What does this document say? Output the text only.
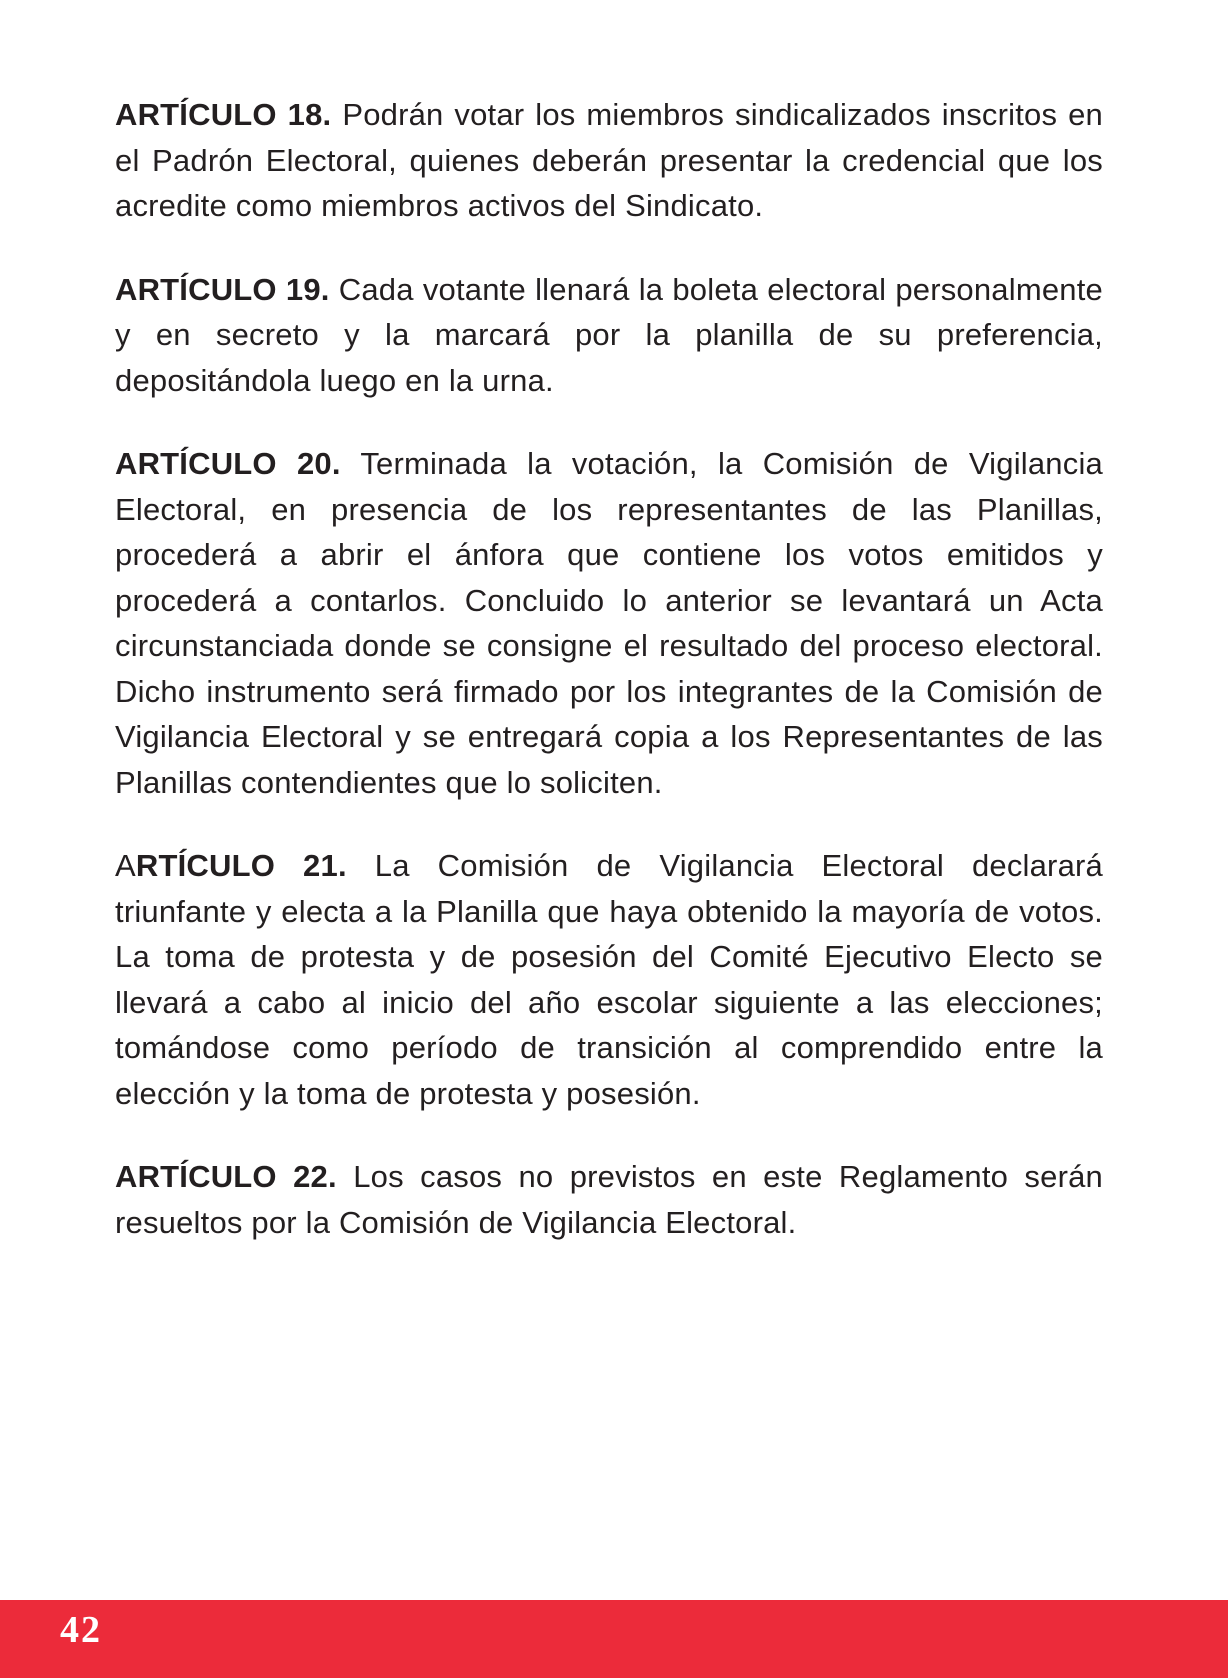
ARTÍCULO 18. Podrán votar los miembros sindicalizados inscritos en el Padrón Electoral, quienes deberán presentar la credencial que los acredite como miembros activos del Sindicato.

ARTÍCULO 19. Cada votante llenará la boleta electoral personalmente y en secreto y la marcará por la planilla de su preferencia, depositándola luego en la urna.

ARTÍCULO 20. Terminada la votación, la Comisión de Vigilancia Electoral, en presencia de los representantes de las Planillas, procederá a abrir el ánfora que contiene los votos emitidos y procederá a contarlos. Concluido lo anterior se levantará un Acta circunstanciada donde se consigne el resultado del proceso electoral. Dicho instrumento será firmado por los integrantes de la Comisión de Vigilancia Electoral y se entregará copia a los Representantes de las Planillas contendientes que lo soliciten.

ARTÍCULO 21. La Comisión de Vigilancia Electoral declarará triunfante y electa a la Planilla que haya obtenido la mayoría de votos. La toma de protesta y de posesión del Comité Ejecutivo Electo se llevará a cabo al inicio del año escolar siguiente a las elecciones; tomándose como período de transición al comprendido entre la elección y la toma de protesta y posesión.

ARTÍCULO 22. Los casos no previstos en este Reglamento serán resueltos por la Comisión de Vigilancia Electoral.

42
